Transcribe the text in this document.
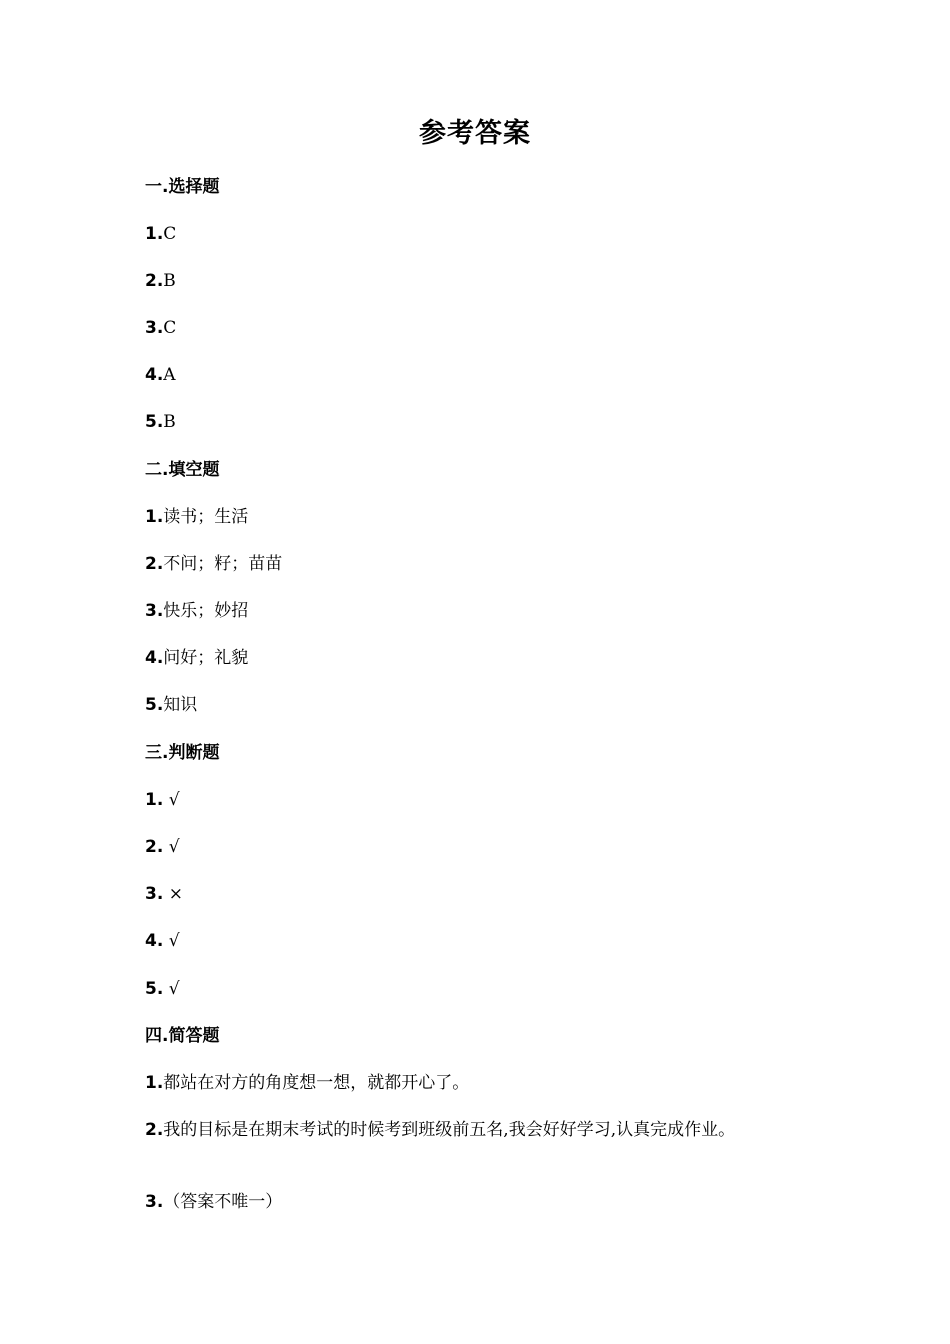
参考答案
一.选择题
1.C
2.B
3.C
4.A
5.B
二.填空题
1.读书；生活
2.不问；籽；苗苗
3.快乐；妙招
4.问好；礼貌
5.知识
三.判断题
1. √
2. √
3. ×
4. √
5. √
四.简答题
1.都站在对方的角度想一想，就都开心了。
2.我的目标是在期末考试的时候考到班级前五名,我会好好学习,认真完成作业。
3.（答案不唯一）
